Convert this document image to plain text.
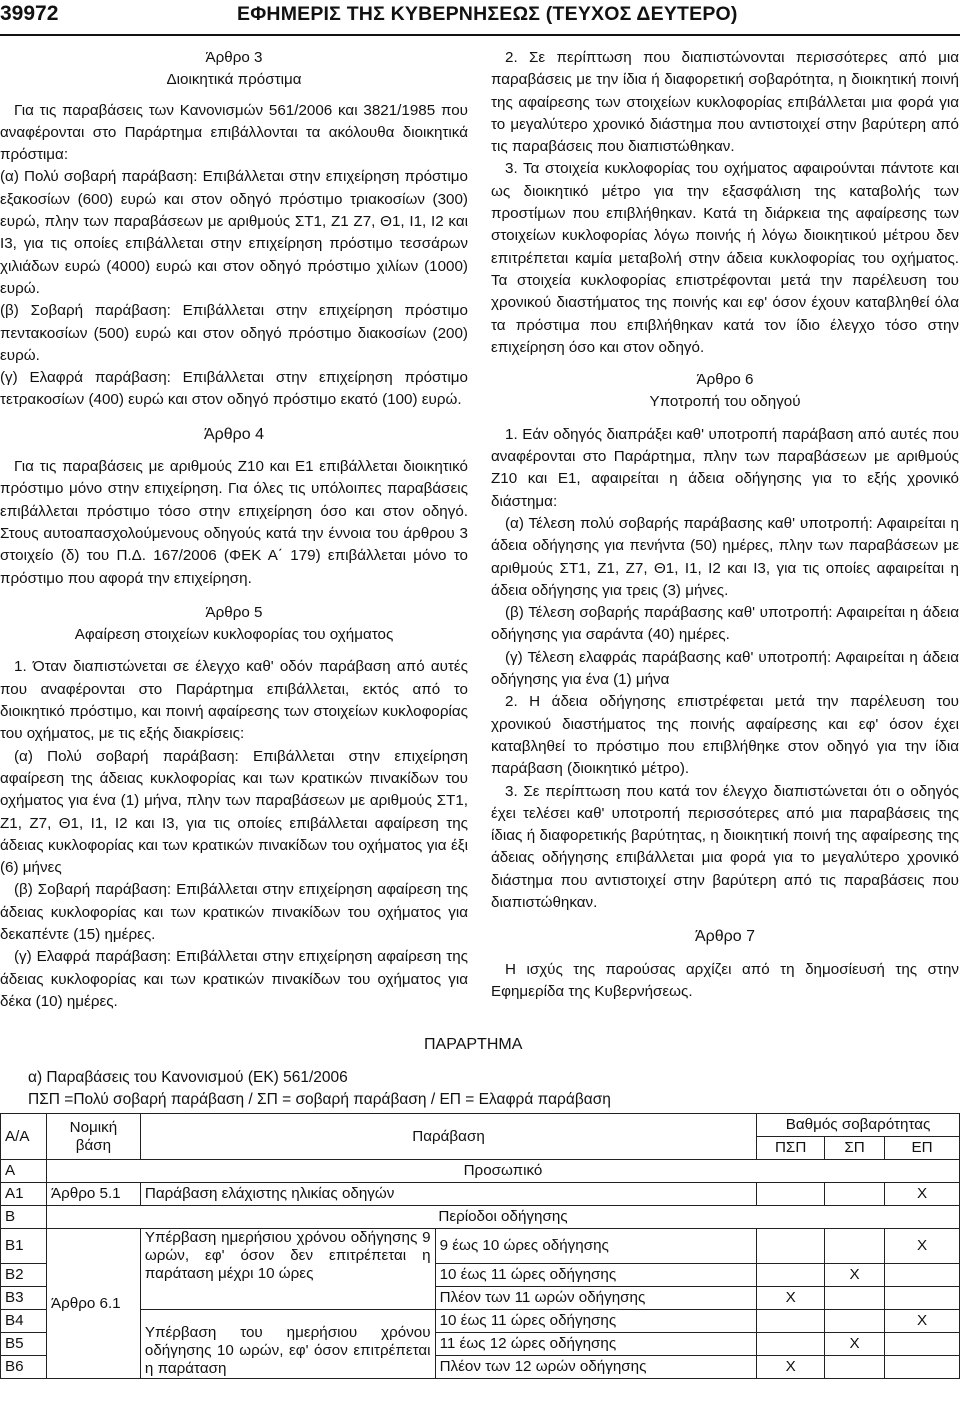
39972	ΕΦΗΜΕΡΙΣ ΤΗΣ ΚΥΒΕΡΝΗΣΕΩΣ (ΤΕΥΧΟΣ ΔΕΥΤΕΡΟ)

Άρθρο 3

Διοικητικά πρόστιμα

Για τις παραβάσεις των Κανονισμών 561/2006 και 3821/1985 που αναφέρονται στο Παράρτημα επιβάλλονται τα ακόλουθα διοικητικά πρόστιμα:

(α) Πολύ σοβαρή παράβαση: Επιβάλλεται στην επιχείρηση πρόστιμο εξακοσίων (600) ευρώ και στον οδηγό πρόστιμο τριακοσίων (300) ευρώ, πλην των παραβάσεων με αριθμούς ΣΤ1, Ζ1 Ζ7, Θ1, Ι1, Ι2 και Ι3, για τις οποίες επιβάλλεται στην επιχείρηση πρόστιμο τεσσάρων χιλιάδων ευρώ (4000) ευρώ και στον οδηγό πρόστιμο χιλίων (1000) ευρώ.

(β) Σοβαρή παράβαση: Επιβάλλεται στην επιχείρηση πρόστιμο πεντακοσίων (500) ευρώ και στον οδηγό πρόστιμο διακοσίων (200) ευρώ.

(γ) Ελαφρά παράβαση: Επιβάλλεται στην επιχείρηση πρόστιμο τετρακοσίων (400) ευρώ και στον οδηγό πρόστιμο εκατό (100) ευρώ.

Άρθρο 4

Για τις παραβάσεις με αριθμούς Ζ10 και Ε1 επιβάλλεται διοικητικό πρόστιμο μόνο στην επιχείρηση. Για όλες τις υπόλοιπες παραβάσεις επιβάλλεται πρόστιμο τόσο στην επιχείρηση όσο και στον οδηγό. Στους αυτοαπασχολούμενους οδηγούς κατά την έννοια του άρθρου 3 στοιχείο (δ) του Π.Δ. 167/2006 (ΦΕΚ Α΄ 179) επιβάλλεται μόνο το πρόστιμο που αφορά την επιχείρηση.

Άρθρο 5

Αφαίρεση στοιχείων κυκλοφορίας του οχήματος

1. Όταν διαπιστώνεται σε έλεγχο καθ' οδόν παράβαση από αυτές που αναφέρονται στο Παράρτημα επιβάλλεται, εκτός από το διοικητικό πρόστιμο, και ποινή αφαίρεσης των στοιχείων κυκλοφορίας του οχήματος, με τις εξής διακρίσεις:

(α) Πολύ σοβαρή παράβαση: Επιβάλλεται στην επιχείρηση αφαίρεση της άδειας κυκλοφορίας και των κρατικών πινακίδων του οχήματος για ένα (1) μήνα, πλην των παραβάσεων με αριθμούς ΣΤ1, Ζ1, Ζ7, Θ1, Ι1, Ι2 και Ι3, για τις οποίες επιβάλλεται αφαίρεση της άδειας κυκλοφορίας και των κρατικών πινακίδων του οχήματος για έξι (6) μήνες

(β) Σοβαρή παράβαση: Επιβάλλεται στην επιχείρηση αφαίρεση της άδειας κυκλοφορίας και των κρατικών πινακίδων του οχήματος για δεκαπέντε (15) ημέρες.

(γ) Ελαφρά παράβαση: Επιβάλλεται στην επιχείρηση αφαίρεση της άδειας κυκλοφορίας και των κρατικών πινακίδων του οχήματος για δέκα (10) ημέρες.

2. Σε περίπτωση που διαπιστώνονται περισσότερες από μια παραβάσεις με την ίδια ή διαφορετική σοβαρότητα, η διοικητική ποινή της αφαίρεσης των στοιχείων κυκλοφορίας επιβάλλεται μια φορά για το μεγαλύτερο χρονικό διάστημα που αντιστοιχεί στην βαρύτερη από τις παραβάσεις που διαπιστώθηκαν.

3. Τα στοιχεία κυκλοφορίας του οχήματος αφαιρούνται πάντοτε και ως διοικητικό μέτρο για την εξασφάλιση της καταβολής των προστίμων που επιβλήθηκαν. Κατά τη διάρκεια της αφαίρεσης των στοιχείων κυκλοφορίας λόγω ποινής ή λόγω διοικητικού μέτρου δεν επιτρέπεται καμία μεταβολή στην άδεια κυκλοφορίας του οχήματος. Τα στοιχεία κυκλοφορίας επιστρέφονται μετά την παρέλευση του χρονικού διαστήματος της ποινής και εφ' όσον έχουν καταβληθεί όλα τα πρόστιμα που επιβλήθηκαν κατά τον ίδιο έλεγχο τόσο στην επιχείρηση όσο και στον οδηγό.

Άρθρο 6

Υποτροπή του οδηγού

1. Εάν οδηγός διαπράξει καθ' υποτροπή παράβαση από αυτές που αναφέρονται στο Παράρτημα, πλην των παραβάσεων με αριθμούς Ζ10 και Ε1, αφαιρείται η άδεια οδήγησης για το εξής χρονικό διάστημα:

(α) Τέλεση πολύ σοβαρής παράβασης καθ' υποτροπή: Αφαιρείται η άδεια οδήγησης για πενήντα (50) ημέρες, πλην των παραβάσεων με αριθμούς ΣΤ1, Ζ1, Ζ7, Θ1, Ι1, Ι2 και Ι3, για τις οποίες αφαιρείται η άδεια οδήγησης για τρεις (3) μήνες.

(β) Τέλεση σοβαρής παράβασης καθ' υποτροπή: Αφαιρείται η άδεια οδήγησης για σαράντα (40) ημέρες.

(γ) Τέλεση ελαφράς παράβασης καθ' υποτροπή: Αφαιρείται η άδεια οδήγησης για ένα (1) μήνα

2. Η άδεια οδήγησης επιστρέφεται μετά την παρέλευση του χρονικού διαστήματος της ποινής αφαίρεσης και εφ' όσον έχει καταβληθεί το πρόστιμο που επιβλήθηκε στον οδηγό για την ίδια παράβαση (διοικητικό μέτρο).

3. Σε περίπτωση που κατά τον έλεγχο διαπιστώνεται ότι ο οδηγός έχει τελέσει καθ' υποτροπή περισσότερες από μια παραβάσεις της ίδιας ή διαφορετικής βαρύτητας, η διοικητική ποινή της αφαίρεσης της άδειας οδήγησης επιβάλλεται μια φορά για το μεγαλύτερο χρονικό διάστημα που αντιστοιχεί στην βαρύτερη από τις παραβάσεις που διαπιστώθηκαν.

Άρθρο 7

Η ισχύς της παρούσας αρχίζει από τη δημοσίευσή της στην Εφημερίδα της Κυβερνήσεως.

ΠΑΡΑΡΤΗΜΑ
α) Παραβάσεις του Κανονισμού (ΕΚ) 561/2006
ΠΣΠ =Πολύ σοβαρή παράβαση / ΣΠ = σοβαρή παράβαση / ΕΠ = Ελαφρά παράβαση
Α/Α	Νομική βάση	Παράβαση		Βαθμός σοβαρότητας		
				ΠΣΠ	ΣΠ	ΕΠ
Α	Προσωπικό					
Α1	Άρθρο 5.1	Παράβαση ελάχιστης ηλικίας οδηγών				Χ
Β	Περίοδοι οδήγησης					
Β1	Άρθρο 6.1	Υπέρβαση ημερήσιου χρόνου οδήγησης 9 ωρών, εφ' όσον δεν επιτρέπεται η παράταση μέχρι 10 ώρες	9 έως 10 ώρες οδήγησης			Χ
Β2			10 έως 11 ώρες οδήγησης		Χ	
Β3			Πλέον των 11 ωρών οδήγησης	Χ		
Β4		Υπέρβαση του ημερήσιου χρόνου οδήγησης 10 ωρών, εφ' όσον επιτρέπεται η παράταση	10 έως 11 ώρες οδήγησης			Χ
Β5			11 έως 12 ώρες οδήγησης		Χ	
Β6			Πλέον των 12 ωρών οδήγησης	Χ		
